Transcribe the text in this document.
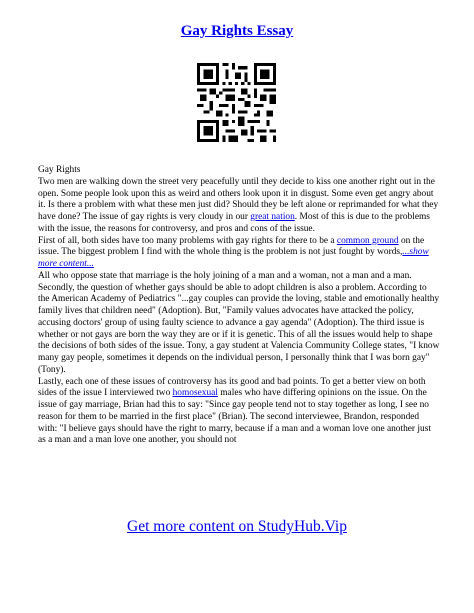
Gay Rights Essay

Gay Rights

Two men are walking down the street very peacefully until they decide to kiss one another right out in the open. Some people look upon this as weird and others look upon it in disgust. Some even get angry about it. Is there a problem with what these men just did? Should they be left alone or reprimanded for what they have done? The issue of gay rights is very cloudy in our great nation. Most of this is due to the problems with the issue, the reasons for controversy, and pros and cons of the issue.

First of all, both sides have too many problems with gay rights for there to be a common ground on the issue. The biggest problem I find with the whole thing is the problem is not just fought by words,...show more content...

All who oppose state that marriage is the holy joining of a man and a woman, not a man and a man. Secondly, the question of whether gays should be able to adopt children is also a problem. According to the American Academy of Pediatrics "...gay couples can provide the loving, stable and emotionally healthy family lives that children need" (Adoption). But, "Family values advocates have attacked the policy, accusing doctors' group of using faulty science to advance a gay agenda" (Adoption). The third issue is whether or not gays are born the way they are or if it is genetic. This of all the issues would help to shape the decisions of both sides of the issue. Tony, a gay student at Valencia Community College states, "I know many gay people, sometimes it depends on the individual person, I personally think that I was born gay" (Tony).

Lastly, each one of these issues of controversy has its good and bad points. To get a better view on both sides of the issue I interviewed two homosexual males who have differing opinions on the issue. On the issue of gay marriage, Brian had this to say: "Since gay people tend not to stay together as long, I see no reason for them to be married in the first place" (Brian). The second interviewee, Brandon, responded with: "I believe gays should have the right to marry, because if a man and a woman love one another just as a man and a man love one another, you should not

Get more content on StudyHub.Vip
